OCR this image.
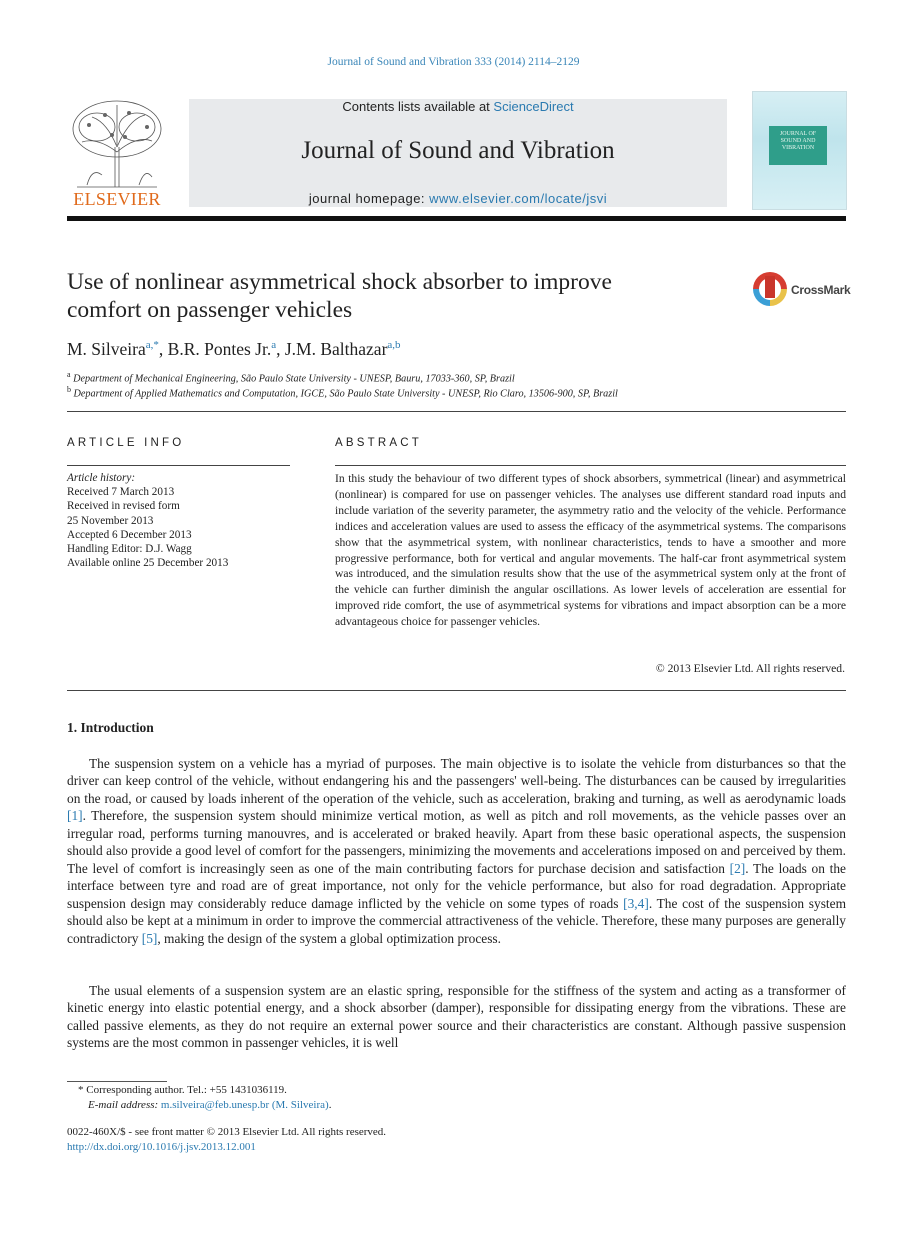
Journal of Sound and Vibration 333 (2014) 2114–2129
ELSEVIER
Contents lists available at ScienceDirect
Journal of Sound and Vibration
journal homepage: www.elsevier.com/locate/jsvi
JOURNAL OF SOUND AND VIBRATION
Use of nonlinear asymmetrical shock absorber to improve
comfort on passenger vehicles
CrossMark
M. Silveira$^{a,*}$, B.R. Pontes Jr.$^a$, J.M. Balthazar$^{a,b}$
$^a$ Department of Mechanical Engineering, São Paulo State University - UNESP, Bauru, 17033-360, SP, Brazil
$^b$ Department of Applied Mathematics and Computation, IGCE, São Paulo State University - UNESP, Rio Claro, 13506-900, SP, Brazil
ARTICLE INFO	ABSTRACT
Article history:
Received 7 March 2013
Received in revised form
25 November 2013
Accepted 6 December 2013
Handling Editor: D.J. Wagg
Available online 25 December 2013
In this study the behaviour of two different types of shock absorbers, symmetrical (linear) and asymmetrical (nonlinear) is compared for use on passenger vehicles. The analyses use different standard road inputs and include variation of the severity parameter, the asymmetry ratio and the velocity of the vehicle. Performance indices and acceleration values are used to assess the efficacy of the asymmetrical systems. The comparisons show that the asymmetrical system, with nonlinear characteristics, tends to have a smoother and more progressive performance, both for vertical and angular movements. The half-car front asymmetrical system was introduced, and the simulation results show that the use of the asymmetrical system only at the front of the vehicle can further diminish the angular oscillations. As lower levels of acceleration are essential for improved ride comfort, the use of asymmetrical systems for vibrations and impact absorption can be a more advantageous choice for passenger vehicles.
© 2013 Elsevier Ltd. All rights reserved.
1. Introduction

The suspension system on a vehicle has a myriad of purposes. The main objective is to isolate the vehicle from disturbances so that the driver can keep control of the vehicle, without endangering his and the passengers' well-being. The disturbances can be caused by irregularities on the road, or caused by loads inherent of the operation of the vehicle, such as acceleration, braking and turning, as well as aerodynamic loads [1]. Therefore, the suspension system should minimize vertical motion, as well as pitch and roll movements, as the vehicle passes over an irregular road, performs turning manouvres, and is accelerated or braked heavily. Apart from these basic operational aspects, the suspension should also provide a good level of comfort for the passengers, minimizing the movements and accelerations imposed on and perceived by them. The level of comfort is increasingly seen as one of the main contributing factors for purchase decision and satisfaction [2]. The loads on the interface between tyre and road are of great importance, not only for the vehicle performance, but also for road degradation. Appropriate suspension design may considerably reduce damage inflicted by the vehicle on some types of roads [3,4]. The cost of the suspension system should also be kept at a minimum in order to improve the commercial attractiveness of the vehicle. Therefore, these many purposes are generally contradictory [5], making the design of the system a global optimization process.

The usual elements of a suspension system are an elastic spring, responsible for the stiffness of the system and acting as a transformer of kinetic energy into elastic potential energy, and a shock absorber (damper), responsible for dissipating energy from the vibrations. These are called passive elements, as they do not require an external power source and their characteristics are constant. Although passive suspension systems are the most common in passenger vehicles, it is well

* Corresponding author. Tel.: +55 1431036119.
E-mail address: m.silveira@feb.unesp.br (M. Silveira).
0022-460X/$ - see front matter © 2013 Elsevier Ltd. All rights reserved.
http://dx.doi.org/10.1016/j.jsv.2013.12.001
